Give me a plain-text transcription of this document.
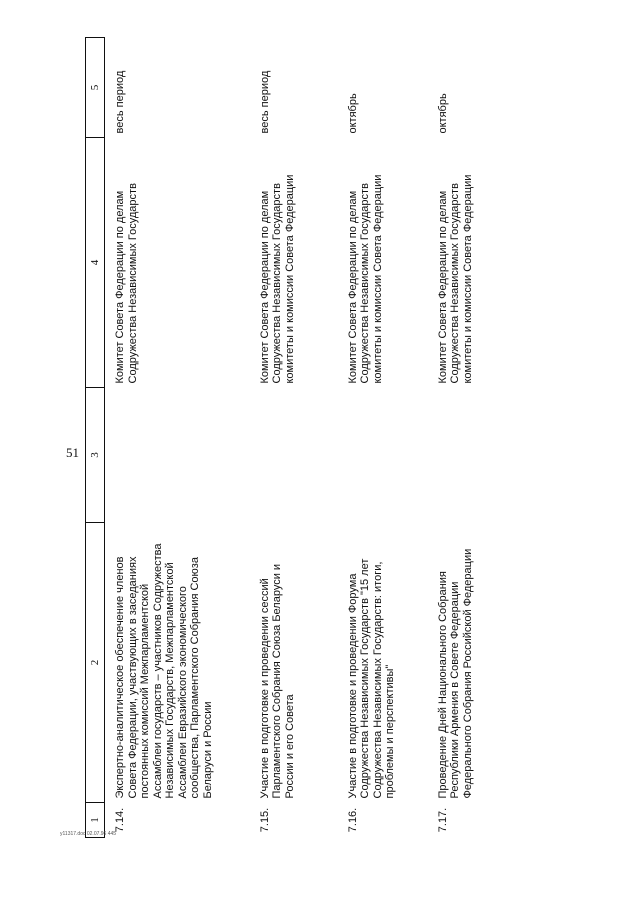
51
1	2	3	4	5
7.14.	Экспертно-аналитическое обеспечение членов Совета Федерации, участвующих в заседаниях постоянных комиссий Межпарламентской Ассамблеи государств – участников Содружества Независимых Государств, Межпарламентской Ассамблеи Евразийского экономического сообщества, Парламентского Собрания Союза Беларуси и России		Комитет Совета Федерации по делам Содружества Независимых Государств	весь период
7.15.	Участие в подготовке и проведении сессий Парламентского Собрания Союза Беларуси и России и его Совета		Комитет Совета Федерации по делам Содружества Независимых Государств комитеты и комиссии Совета Федерации	весь период
7.16.	Участие в подготовке и проведении Форума Содружества Независимых Государств "15 лет Содружества Независимых Государств: итоги, проблемы и перспективы"		Комитет Совета Федерации по делам Содружества Независимых Государств комитеты и комиссии Совета Федерации	октябрь
7.17.	Проведение Дней Национального Собрания Республики Армения в Совете Федерации Федерального Собрания Российской Федерации		Комитет Совета Федерации по делам Содружества Независимых Государств комитеты и комиссии Совета Федерации	октябрь
y11317.doc 02.07.96 445
